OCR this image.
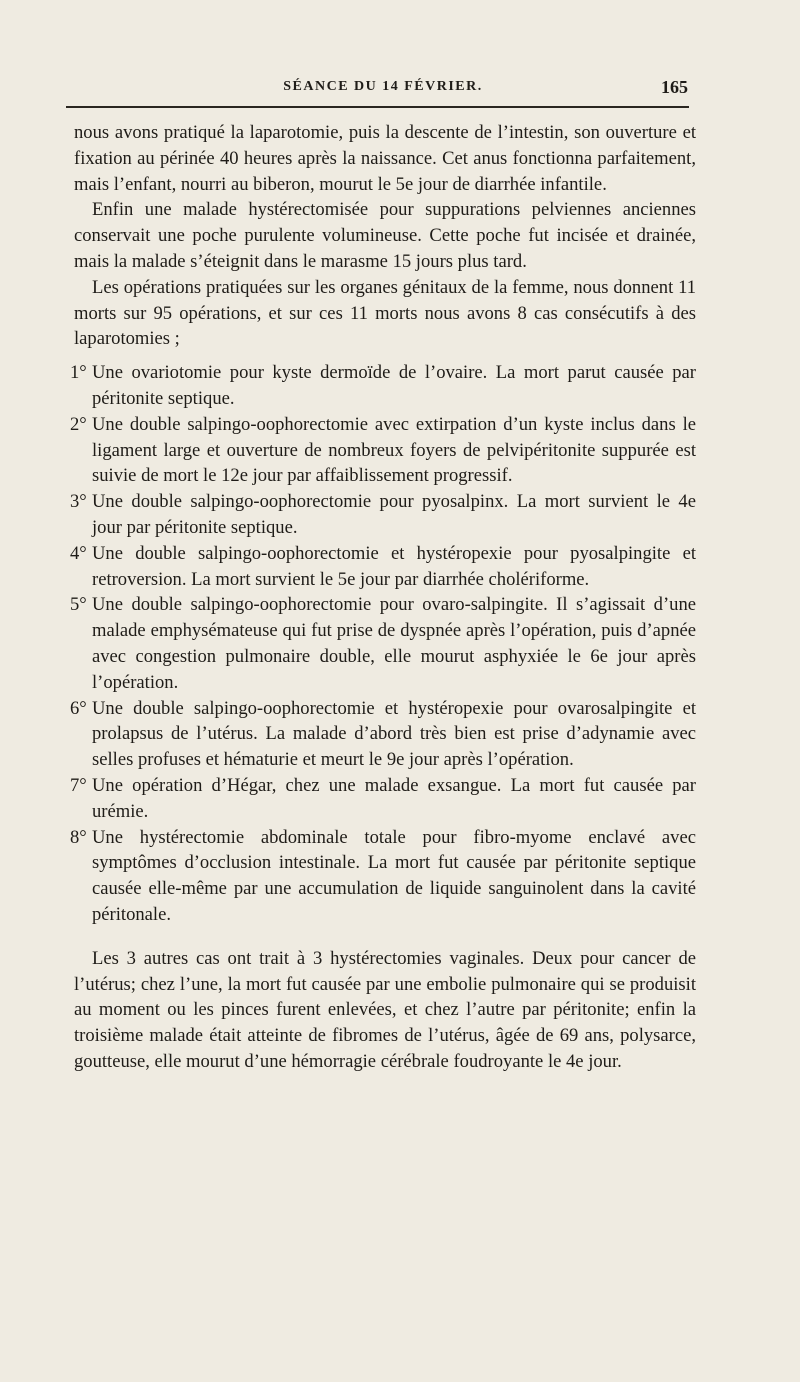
SÉANCE DU 14 FÉVRIER.	165

nous avons pratiqué la laparotomie, puis la descente de l’intestin, son ouverture et fixation au périnée 40 heures après la naissance. Cet anus fonctionna parfaitement, mais l’enfant, nourri au biberon, mourut le 5e jour de diarrhée infantile.

Enfin une malade hystérectomisée pour suppurations pelviennes anciennes conservait une poche purulente volumineuse. Cette poche fut incisée et drainée, mais la malade s’éteignit dans le marasme 15 jours plus tard.

Les opérations pratiquées sur les organes génitaux de la femme, nous donnent 11 morts sur 95 opérations, et sur ces 11 morts nous avons 8 cas consécutifs à des laparotomies ;

1° Une ovariotomie pour kyste dermoïde de l’ovaire. La mort parut causée par péritonite septique.
2° Une double salpingo-oophorectomie avec extirpation d’un kyste inclus dans le ligament large et ouverture de nombreux foyers de pelvipéritonite suppurée est suivie de mort le 12e jour par affaiblissement progressif.
3° Une double salpingo-oophorectomie pour pyosalpinx. La mort survient le 4e jour par péritonite septique.
4° Une double salpingo-oophorectomie et hystéropexie pour pyosalpingite et retroversion. La mort survient le 5e jour par diarrhée cholériforme.
5° Une double salpingo-oophorectomie pour ovaro-salpingite. Il s’agissait d’une malade emphysémateuse qui fut prise de dyspnée après l’opération, puis d’apnée avec congestion pulmonaire double, elle mourut asphyxiée le 6e jour après l’opération.
6° Une double salpingo-oophorectomie et hystéropexie pour ovarosalpingite et prolapsus de l’utérus. La malade d’abord très bien est prise d’adynamie avec selles profuses et hématurie et meurt le 9e jour après l’opération.
7° Une opération d’Hégar, chez une malade exsangue. La mort fut causée par urémie.
8° Une hystérectomie abdominale totale pour fibro-myome enclavé avec symptômes d’occlusion intestinale. La mort fut causée par péritonite septique causée elle-même par une accumulation de liquide sanguinolent dans la cavité péritonale.

Les 3 autres cas ont trait à 3 hystérectomies vaginales. Deux pour cancer de l’utérus; chez l’une, la mort fut causée par une embolie pulmonaire qui se produisit au moment ou les pinces furent enlevées, et chez l’autre par péritonite; enfin la troisième malade était atteinte de fibromes de l’utérus, âgée de 69 ans, polysarce, goutteuse, elle mourut d’une hémorragie cérébrale foudroyante le 4e jour.
